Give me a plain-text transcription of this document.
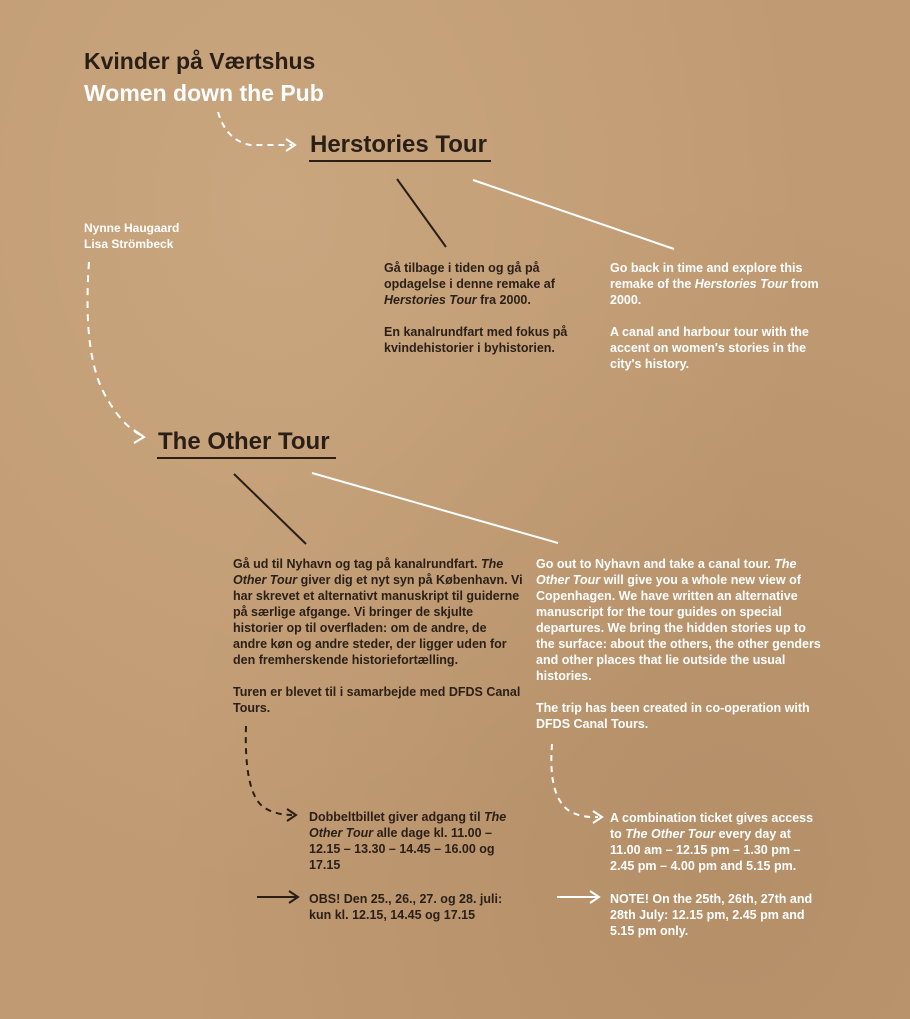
Kvinder på Værtshus
Women down the Pub
Nynne Haugaard
Lisa Strömbeck
Herstories Tour

Gå tilbage i tiden og gå på opdagelse i denne remake af Herstories Tour fra 2000.

En kanalrundfart med fokus på kvindehistorier i byhistorien.

Go back in time and explore this remake of the Herstories Tour from 2000.

A canal and harbour tour with the accent on women's stories in the city's history.

The Other Tour

Gå ud til Nyhavn og tag på kanalrundfart. The Other Tour giver dig et nyt syn på København. Vi har skrevet et alternativt manuskript til guiderne på særlige afgange. Vi bringer de skjulte historier op til overfladen: om de andre, de andre køn og andre steder, der ligger uden for den fremherskende historiefortælling.

Turen er blevet til i samarbejde med DFDS Canal Tours.

Go out to Nyhavn and take a canal tour. The Other Tour will give you a whole new view of Copenhagen. We have written an alternative manuscript for the tour guides on special departures. We bring the hidden stories up to the surface: about the others, the other genders and other places that lie outside the usual histories.

The trip has been created in co-operation with DFDS Canal Tours.

Dobbeltbillet giver adgang til The Other Tour alle dage kl. 11.00 – 12.15 – 13.30 – 14.45 – 16.00 og 17.15
OBS! Den 25., 26., 27. og 28. juli: kun kl. 12.15, 14.45 og 17.15
A combination ticket gives access to The Other Tour every day at 11.00 am – 12.15 pm – 1.30 pm – 2.45 pm – 4.00 pm and 5.15 pm.
NOTE! On the 25th, 26th, 27th and 28th July: 12.15 pm, 2.45 pm and 5.15 pm only.
